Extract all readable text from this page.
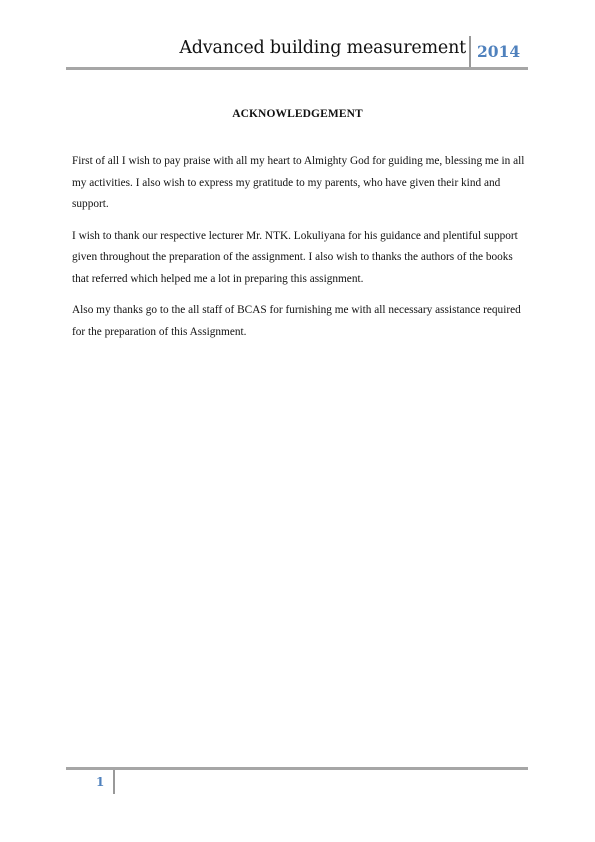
Advanced building measurement 2014
ACKNOWLEDGEMENT

First of all I wish to pay praise with all my heart to Almighty God for guiding me, blessing me in all my activities. I also wish to express my gratitude to my parents, who have given their kind and support.

I wish to thank our respective lecturer Mr. NTK. Lokuliyana for his guidance and plentiful support given throughout the preparation of the assignment. I also wish to thanks the authors of the books that referred which helped me a lot in preparing this assignment.

Also my thanks go to the all staff of BCAS for furnishing me with all necessary assistance required for the preparation of this Assignment.

1
